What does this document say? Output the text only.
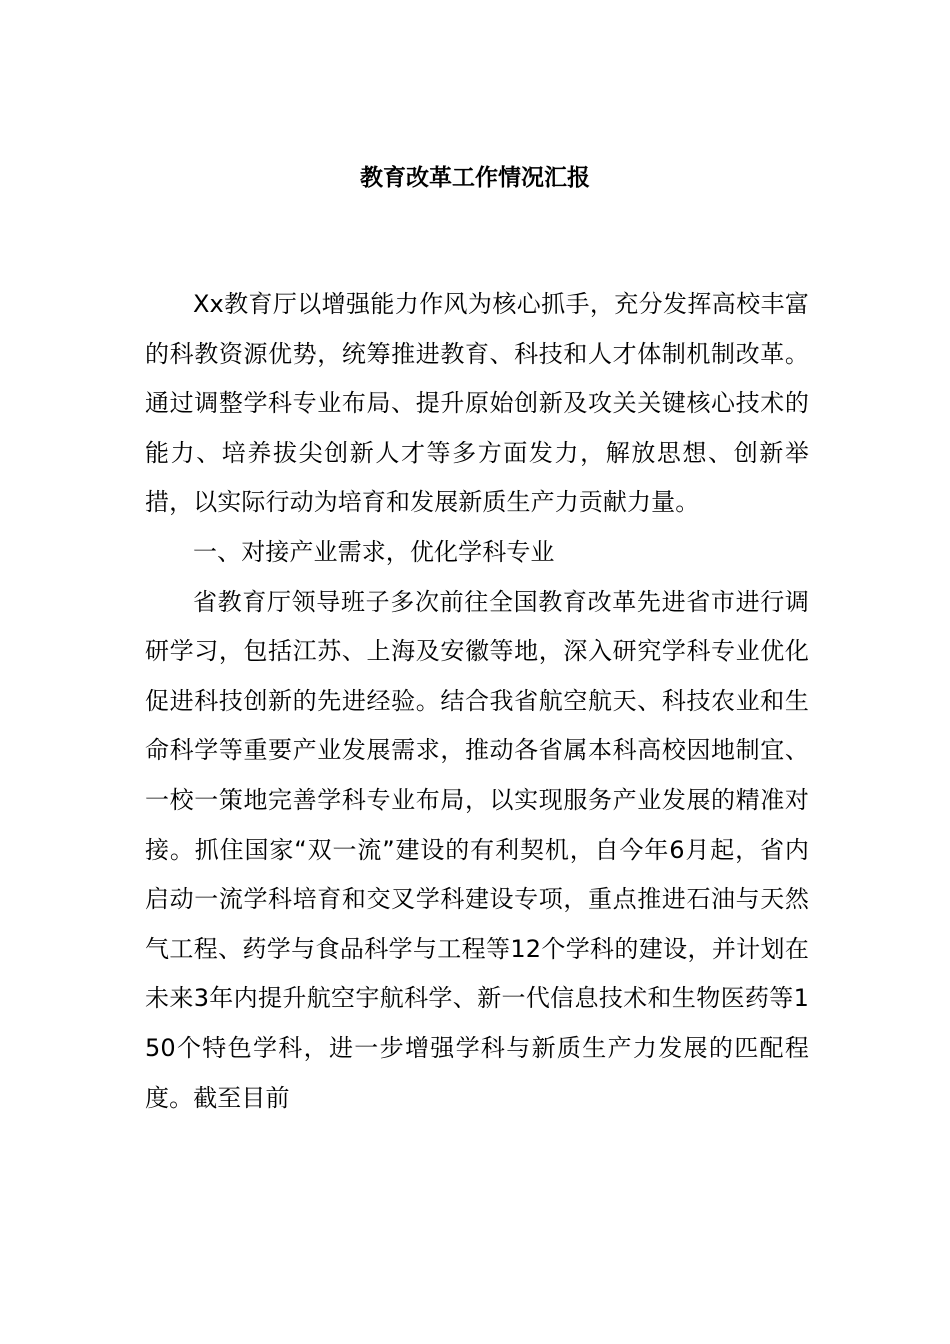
教育改革工作情况汇报

Xx教育厅以增强能力作风为核心抓手，充分发挥高校丰富的科教资源优势，统筹推进教育、科技和人才体制机制改革。通过调整学科专业布局、提升原始创新及攻关关键核心技术的能力、培养拔尖创新人才等多方面发力，解放思想、创新举措，以实际行动为培育和发展新质生产力贡献力量。

一、对接产业需求，优化学科专业

省教育厅领导班子多次前往全国教育改革先进省市进行调研学习，包括江苏、上海及安徽等地，深入研究学科专业优化促进科技创新的先进经验。结合我省航空航天、科技农业和生命科学等重要产业发展需求，推动各省属本科高校因地制宜、一校一策地完善学科专业布局，以实现服务产业发展的精准对接。抓住国家“双一流”建设的有利契机，自今年6月起，省内启动一流学科培育和交叉学科建设专项，重点推进石油与天然气工程、药学与食品科学与工程等12个学科的建设，并计划在未来3年内提升航空宇航科学、新一代信息技术和生物医药等150个特色学科，进一步增强学科与新质生产力发展的匹配程度。截至目前
